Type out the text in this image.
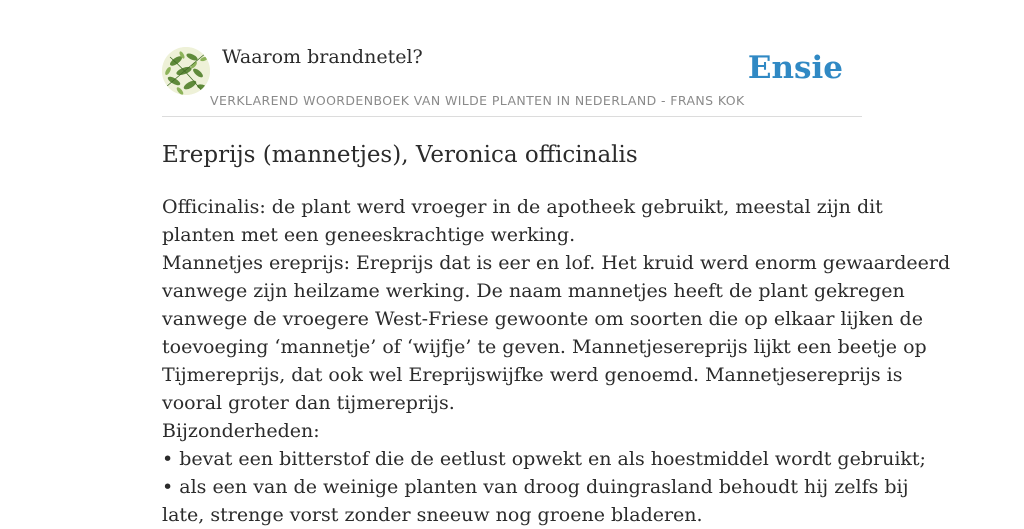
Waarom brandnetel?
VERKLAREND WOORDENBOEK VAN WILDE PLANTEN IN NEDERLAND - FRANS KOK
Ensie
Ereprijs (mannetjes), Veronica officinalis
Officinalis: de plant werd vroeger in de apotheek gebruikt, meestal zijn dit
planten met een geneeskrachtige werking.
Mannetjes ereprijs: Ereprijs dat is eer en lof. Het kruid werd enorm gewaardeerd
vanwege zijn heilzame werking. De naam mannetjes heeft de plant gekregen
vanwege de vroegere West-Friese gewoonte om soorten die op elkaar lijken de
toevoeging ‘mannetje’ of ‘wijfje’ te geven. Mannetjesereprijs lijkt een beetje op
Tijmereprijs, dat ook wel Ereprijswijfke werd genoemd. Mannetjesereprijs is
vooral groter dan tijmereprijs.
Bijzonderheden:
• bevat een bitterstof die de eetlust opwekt en als hoestmiddel wordt gebruikt;
• als een van de weinige planten van droog duingrasland behoudt hij zelfs bij
late, strenge vorst zonder sneeuw nog groene bladeren.
